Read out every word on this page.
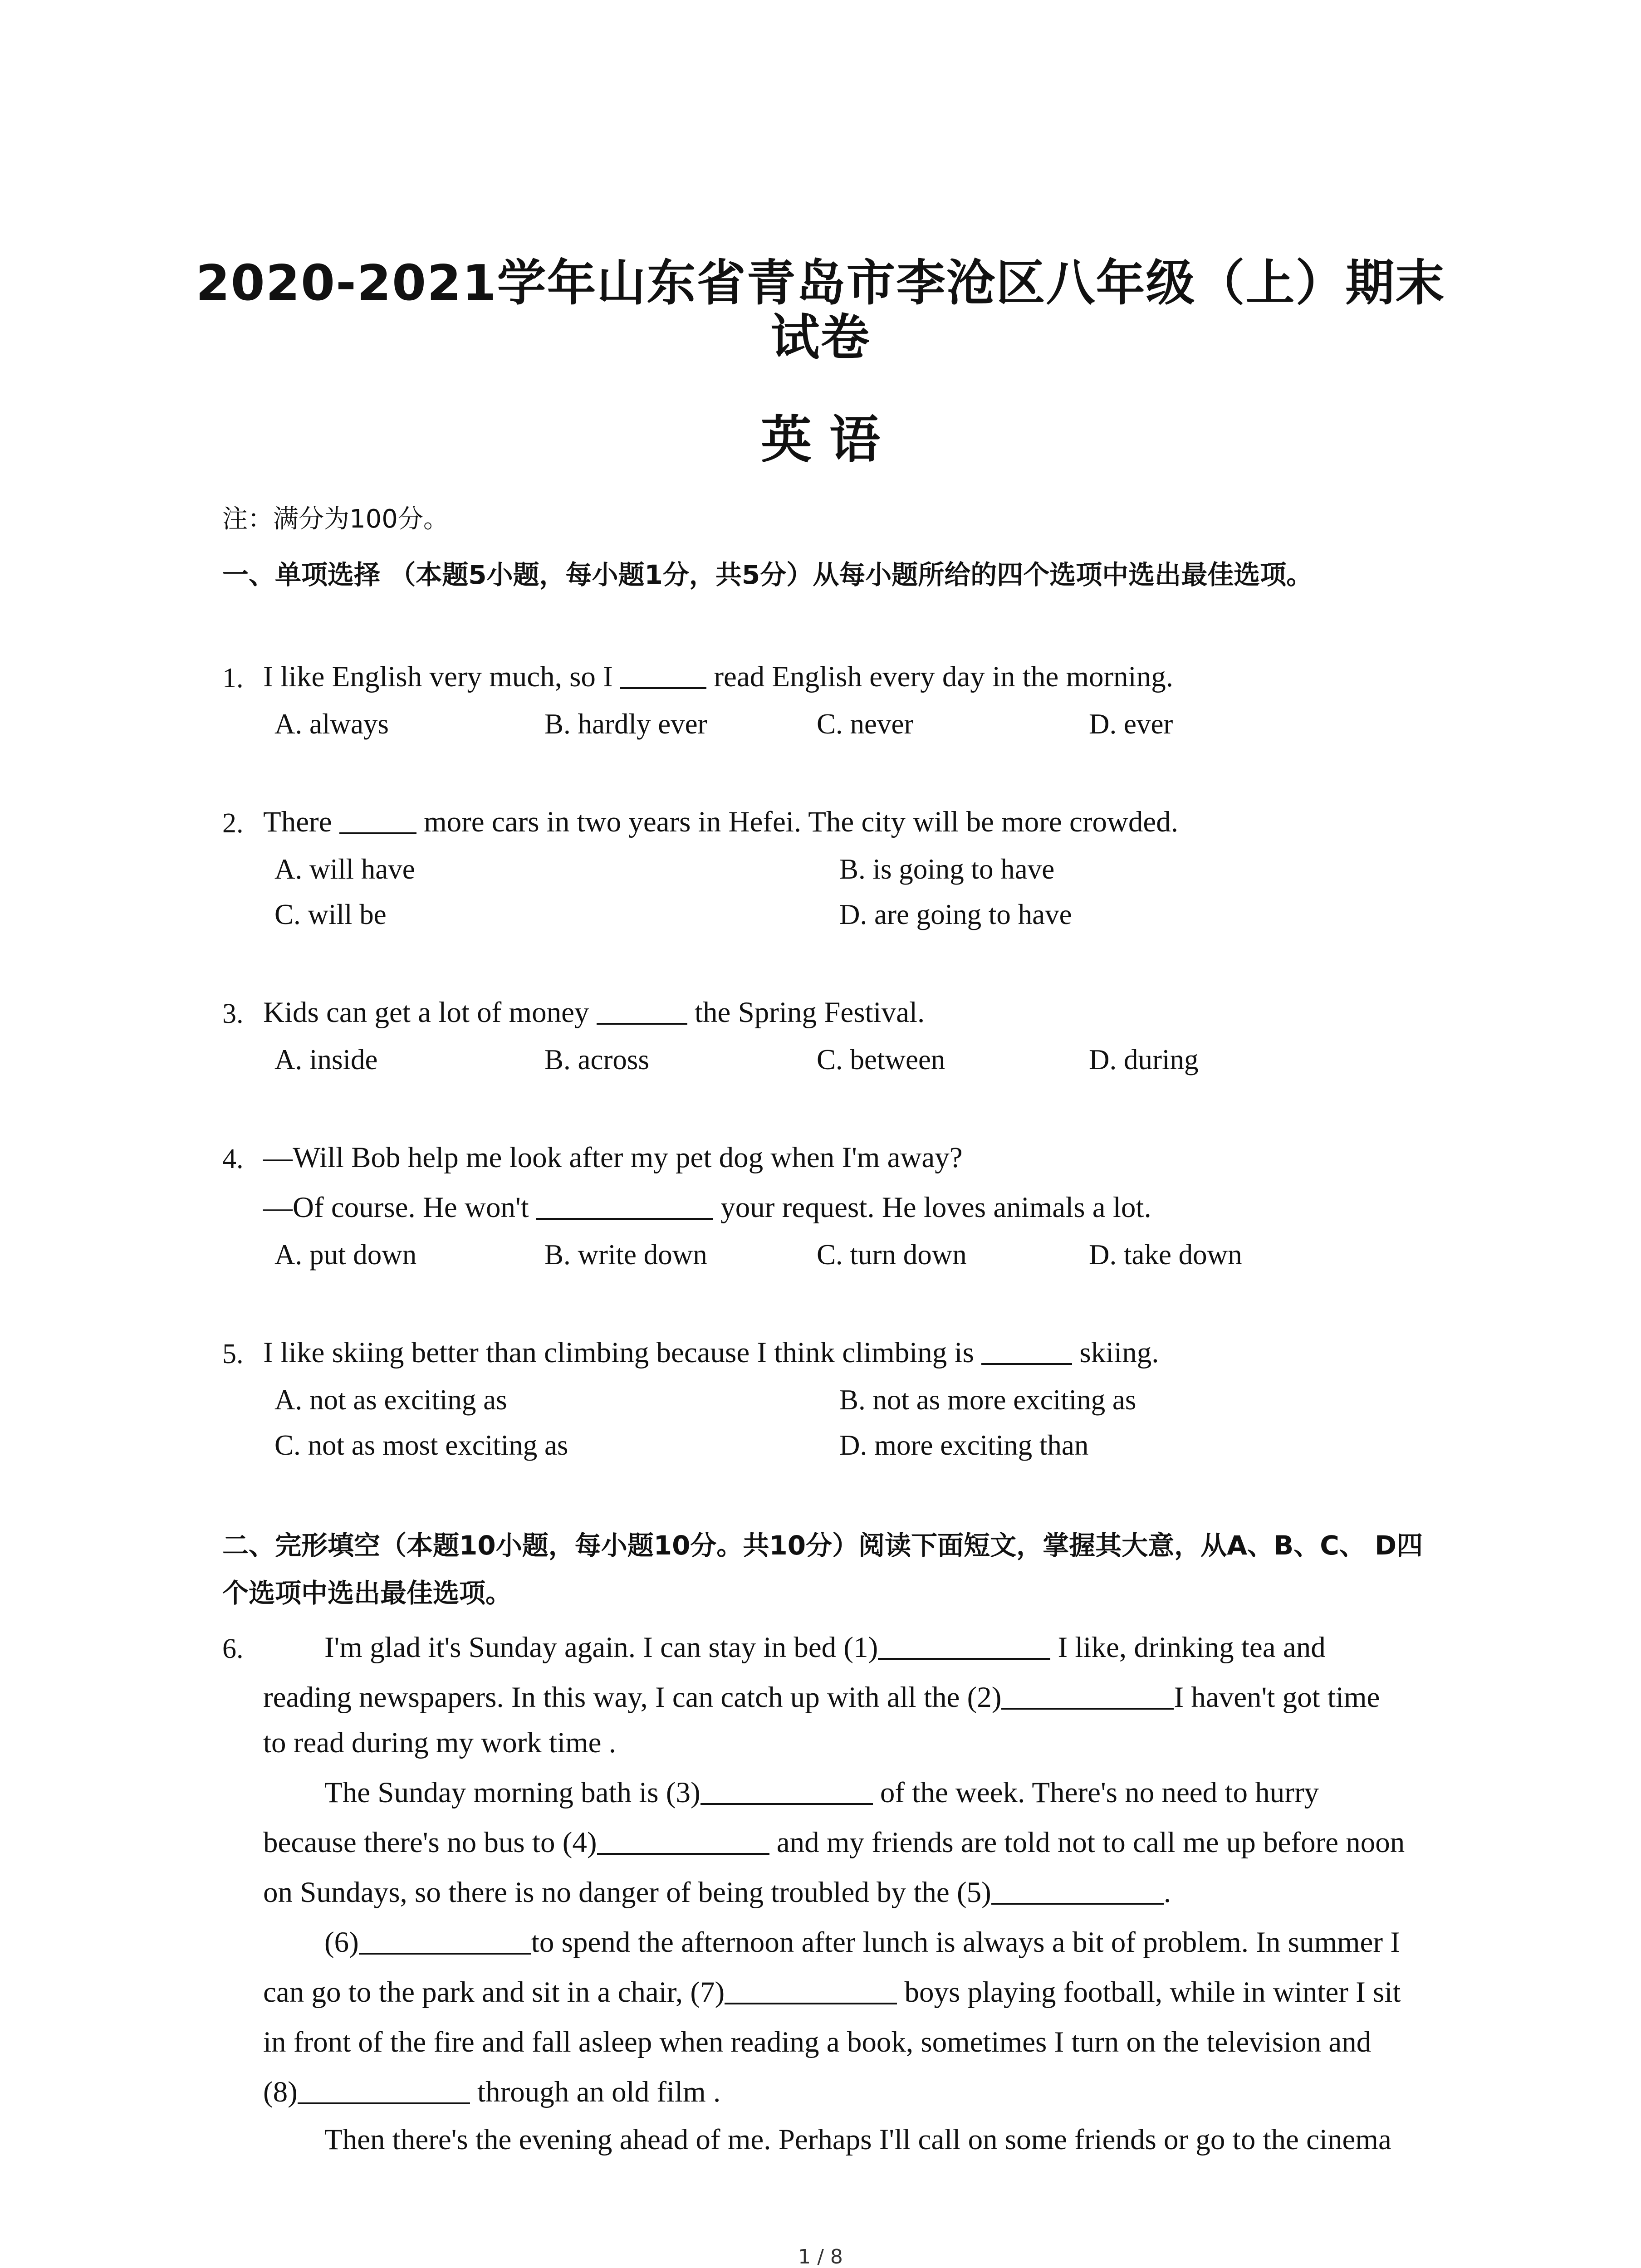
2020-2021学年山东省青岛市李沧区八年级（上）期末
试卷
英 语
注：满分为100分。
一、单项选择 （本题5小题，每小题1分，共5分）从每小题所给的四个选项中选出最佳选项。
1. I like English very much, so I	read English every day in the morning.
A. always	B. hardly ever	C. never	D. ever
2. There	more cars in two years in Hefei. The city will be more crowded.
A. will have	B. is going to have
C. will be	D. are going to have
3. Kids can get a lot of money	the Spring Festival.
A. inside	B. across	C. between	D. during
4. —Will Bob help me look after my pet dog when I'm away?
—Of course. He won't	your request. He loves animals a lot.
A. put down	B. write down	C. turn down	D. take down
5. I like skiing better than climbing because I think climbing is	skiing.
A. not as exciting as	B. not as more exciting as
C. not as most exciting as	D. more exciting than
二、完形填空（本题10小题，每小题10分。共10分）阅读下面短文，掌握其大意，从A、B、C、 D四个选项中选出最佳选项。
6.	I'm glad it's Sunday again. I can stay in bed (1)	I like, drinking tea and
reading newspapers. In this way, I can catch up with all the (2)	I haven't got time
to read during my work time .
The Sunday morning bath is (3)	of the week. There's no need to hurry
because there's no bus to (4)	and my friends are told not to call me up before noon
on Sundays, so there is no danger of being troubled by the (5)	.
(6)	to spend the afternoon after lunch is always a bit of problem. In summer I
can go to the park and sit in a chair, (7)	boys playing football, while in winter I sit
in front of the fire and fall asleep when reading a book, sometimes I turn on the television and
(8)	through an old film .
Then there's the evening ahead of me. Perhaps I'll call on some friends or go to the cinema
1 / 8
